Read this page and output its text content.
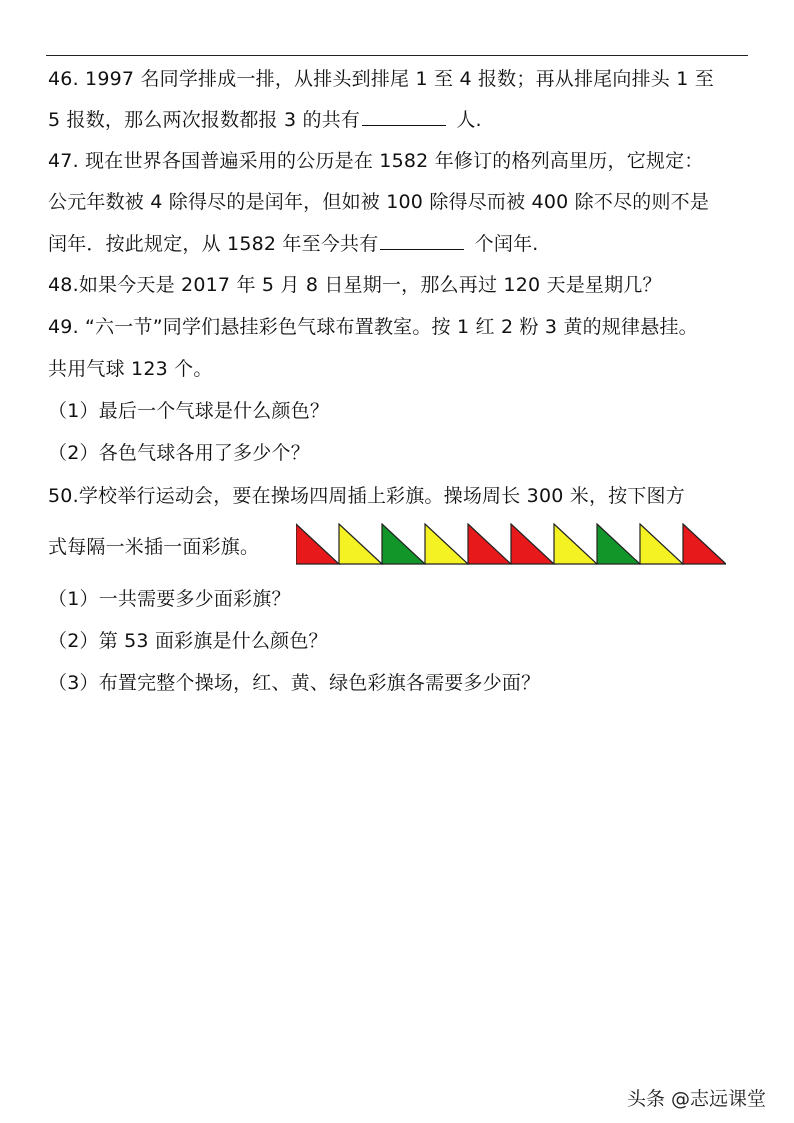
46. 1997 名同学排成一排，从排头到排尾 1 至 4 报数；再从排尾向排头 1 至
5 报数，那么两次报数都报 3 的共有	人.
47. 现在世界各国普遍采用的公历是在 1582 年修订的格列高里历，它规定：
公元年数被 4 除得尽的是闰年，但如被 100 除得尽而被 400 除不尽的则不是
闰年．按此规定，从 1582 年至今共有	个闰年.
48.如果今天是 2017 年 5 月 8 日星期一，那么再过 120 天是星期几？
49. “六一节”同学们悬挂彩色气球布置教室。按 1 红 2 粉 3 黄的规律悬挂。
共用气球 123 个。
（1）最后一个气球是什么颜色？
（2）各色气球各用了多少个？
50.学校举行运动会，要在操场四周插上彩旗。操场周长 300 米，按下图方
式每隔一米插一面彩旗。
（1）一共需要多少面彩旗？
（2）第 53 面彩旗是什么颜色？
（3）布置完整个操场，红、黄、绿色彩旗各需要多少面？
头条 @志远课堂
